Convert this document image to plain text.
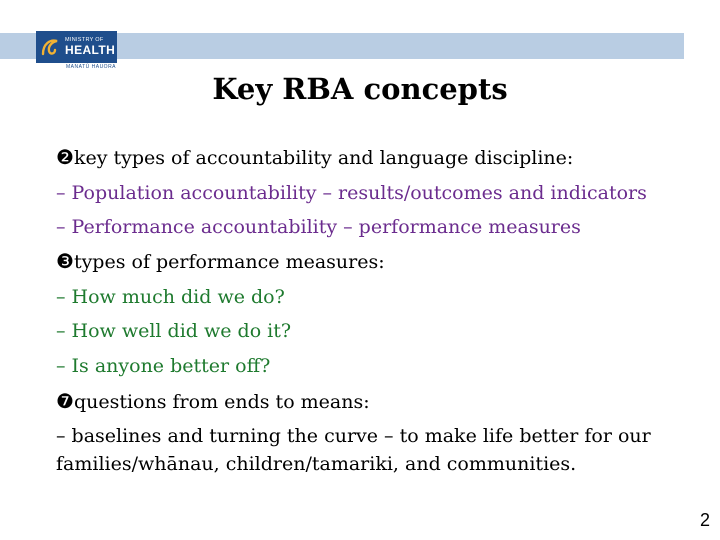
MINISTRY OF
HEALTH
MANATŪ HAUORA
Key RBA concepts
❷key types of accountability and language discipline:
– Population accountability – results/outcomes and indicators
– Performance accountability – performance measures
❸types of performance measures:
– How much did we do?
– How well did we do it?
– Is anyone better off?
❼questions from ends to means:
– baselines and turning the curve – to make life better for our families/whānau, children/tamariki, and communities.
2
